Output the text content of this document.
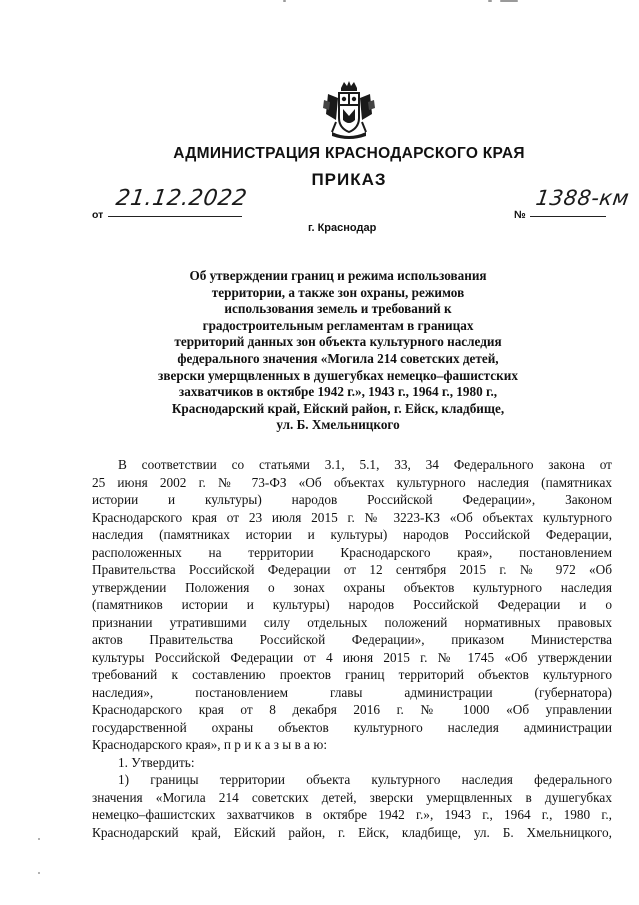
АДМИНИСТРАЦИЯ КРАСНОДАРСКОГО КРАЯ
ПРИКАЗ
от
21.12.2022
г. Краснодар
№
1388-км
Об утверждении границ и режима использования
территории, а также зон охраны, режимов
использования земель и требований к
градостроительным регламентам в границах
территорий данных зон объекта культурного наследия
федерального значения «Могила 214 советских детей,
зверски умерщвленных в душегубках немецко–фашистских
захватчиков в октябре 1942 г.», 1943 г., 1964 г., 1980 г.,
Краснодарский край, Ейский район, г. Ейск, кладбище,
ул. Б. Хмельницкого
В соответствии со статьями 3.1, 5.1, 33, 34 Федерального закона от
25 июня 2002 г. № 73-ФЗ «Об объектах культурного наследия (памятниках
истории и культуры) народов Российской Федерации», Законом
Краснодарского края от 23 июля 2015 г. № 3223-КЗ «Об объектах культурного
наследия (памятниках истории и культуры) народов Российской Федерации,
расположенных на территории Краснодарского края», постановлением
Правительства Российской Федерации от 12 сентября 2015 г. № 972 «Об
утверждении Положения о зонах охраны объектов культурного наследия
(памятников истории и культуры) народов Российской Федерации и о
признании утратившими силу отдельных положений нормативных правовых
актов Правительства Российской Федерации», приказом Министерства
культуры Российской Федерации от 4 июня 2015 г. № 1745 «Об утверждении
требований к составлению проектов границ территорий объектов культурного
наследия», постановлением главы администрации (губернатора)
Краснодарского края от 8 декабря 2016 г. № 1000 «Об управлении
государственной охраны объектов культурного наследия администрации
Краснодарского края», п р и к а з ы в а ю:
1. Утвердить:
1) границы территории объекта культурного наследия федерального
значения «Могила 214 советских детей, зверски умерщвленных в душегубках
немецко–фашистских захватчиков в октябре 1942 г.», 1943 г., 1964 г., 1980 г.,
Краснодарский край, Ейский район, г. Ейск, кладбище, ул. Б. Хмельницкого,
